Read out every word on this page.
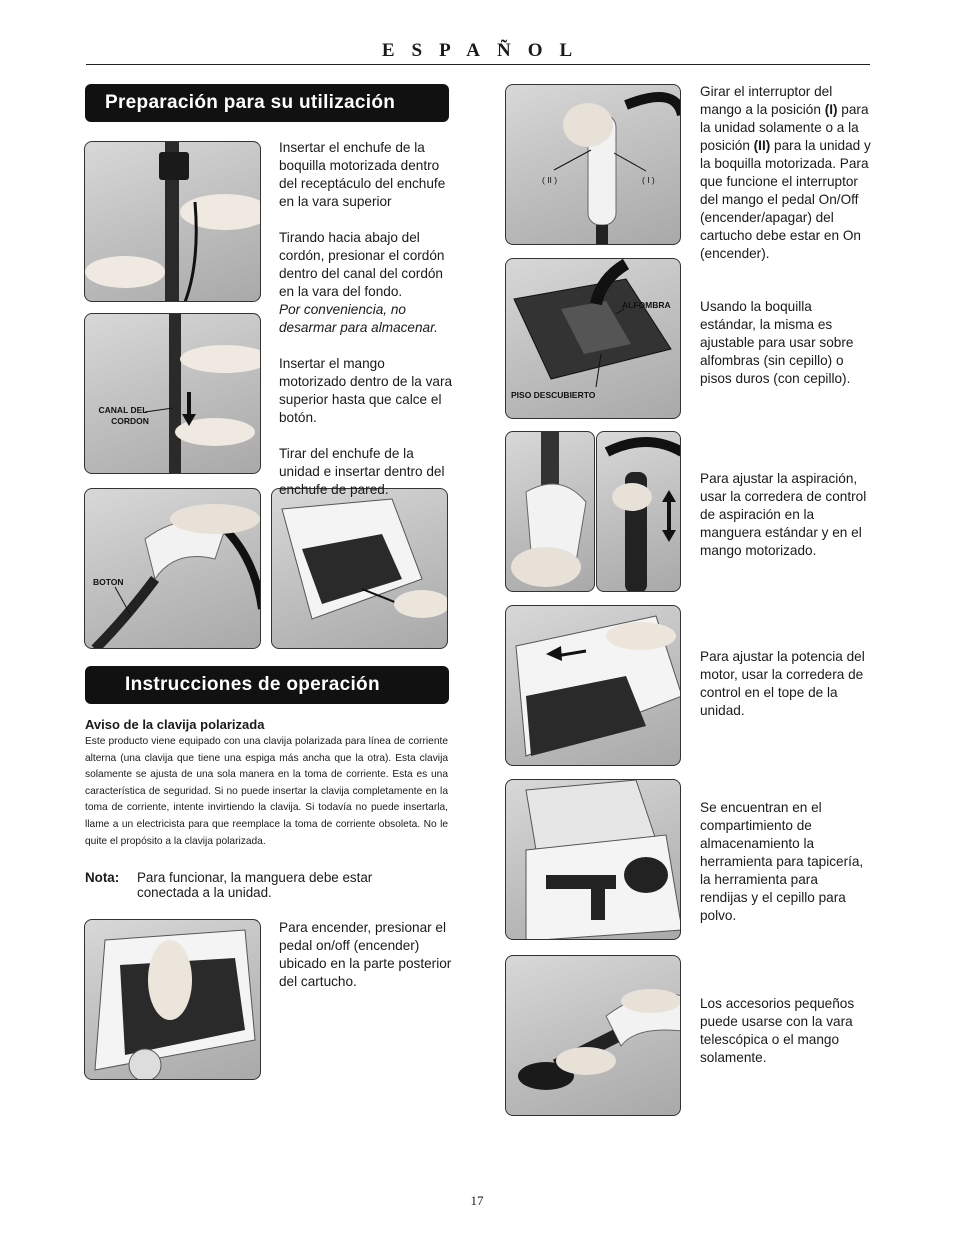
ESPAÑOL
Preparación para su utilización
CANAL DEL
CORDON
BOTON

Insertar el enchufe de la boquilla motorizada dentro del receptáculo del enchufe en la vara superior

Tirando hacia abajo del cordón, presionar el cordón dentro del canal del cordón en la vara del fondo.

Por conveniencia, no desarmar para almacenar.

Insertar el mango motorizado dentro de la vara superior hasta que calce el botón.

Tirar del enchufe de la unidad e insertar dentro del enchufe de pared.

Instrucciones de operación
Aviso de la clavija polarizada
Este producto viene equipado con una clavija polarizada para línea de corriente alterna (una clavija que tiene una espiga más ancha que la otra). Esta clavija solamente se ajusta de una sola manera en la toma de corriente. Esta es una característica de seguridad. Si no puede insertar la clavija completamente en la toma de corriente, intente invirtiendo la clavija. Si todavía no puede insertarla, llame a un electricista para que reemplace la toma de corriente obsoleta. No le quite el propósito a la clavija polarizada.
Nota: Para funcionar, la manguera debe estar
conectada a la unidad.
Para encender, presionar el pedal on/off (encender) ubicado en la parte posterior del cartucho.
( II )	( I )
ALFOMBRA
PISO DESCUBIERTO
Girar el interruptor del mango a la posición (I) para la unidad solamente o a la posición (II) para la unidad y la boquilla motorizada. Para que funcione el interruptor del mango el pedal On/Off (encender/apagar) del cartucho debe estar en On (encender).
Usando la boquilla estándar, la misma es ajustable para usar sobre alfombras (sin cepillo) o pisos duros (con cepillo).
Para ajustar la aspiración, usar la corredera de control de aspiración en la manguera estándar y en el mango motorizado.
Para ajustar la potencia del motor, usar la corredera de control en el tope de la unidad.
Se encuentran en el compartimiento de almacenamiento la herramienta para tapicería, la herramienta para rendijas y el cepillo para polvo.
Los accesorios pequeños puede usarse con la vara telescópica o el mango solamente.
17
